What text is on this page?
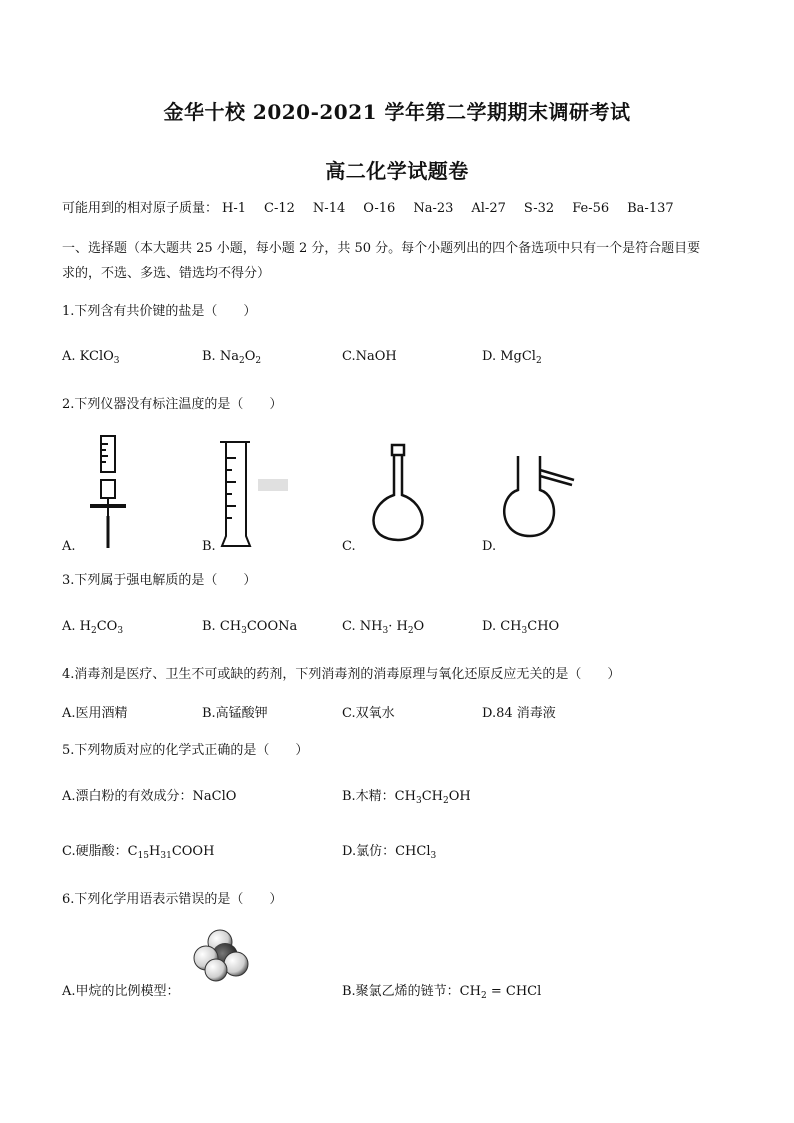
金华十校 2020-2021 学年第二学期期末调研考试
高二化学试题卷
可能用到的相对原子质量： H-1 C-12 N-14 O-16 Na-23 Al-27 S-32 Fe-56 Ba-137
一、选择题（本大题共 25 小题，每小题 2 分，共 50 分。每个小题列出的四个备选项中只有一个是符合题目要
求的，不选、多选、错选均不得分）
1.下列含有共价键的盐是（　　）
A. KClO$_3$	B. $Na_2O_2$	C.NaOH	D. MgCl$_2$
2.下列仪器没有标注温度的是（　　）
A.	B.	C.	D.
3.下列属于强电解质的是（　　）
A. $H_2CO_3$	B. $CH_3COONa$	C. $NH_3\cdot H_2O$	D. $CH_3CHO$
4.消毒剂是医疗、卫生不可或缺的药剂，下列消毒剂的消毒原理与氧化还原反应无关的是（　　）
A.医用酒精	B.高锰酸钾	C.双氧水	D.84 消毒液
5.下列物质对应的化学式正确的是（　　）
A.漂白粉的有效成分：NaClO	B.木精：$CH_3CH_2OH$
C.硬脂酸：$C_{15}H_{31}COOH$	D.氯仿：CHCl$_3$
6.下列化学用语表示错误的是（　　）
A.甲烷的比例模型：	B.聚氯乙烯的链节：$CH_2$ = CHCl
